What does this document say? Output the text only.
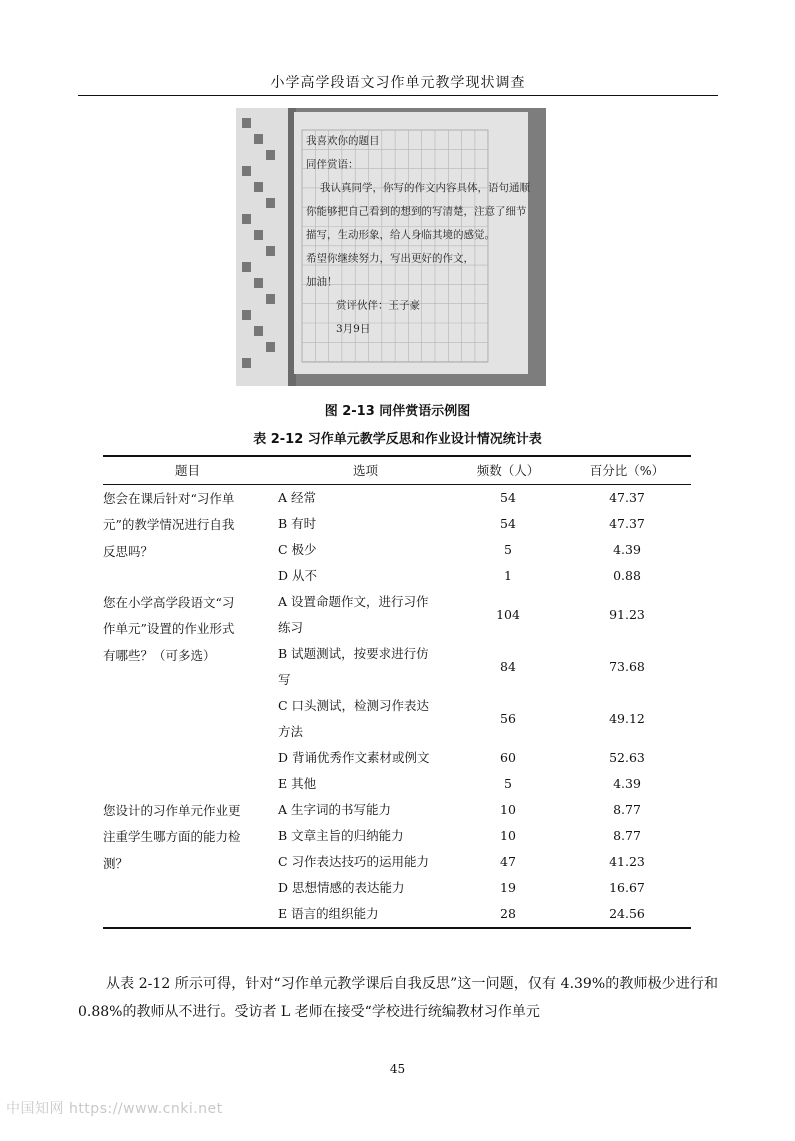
小学高学段语文习作单元教学现状调查
我喜欢你的题目
同伴赏语：
我认真同学，你写的作文内容具体，语句通顺
你能够把自己看到的想到的写清楚，注意了细节
描写，生动形象，给人身临其境的感觉。
希望你继续努力，写出更好的作文，
加油！
赏评伙伴：王子豪
3月9日
图 2-13 同伴赏语示例图
表 2-12 习作单元教学反思和作业设计情况统计表
题目	选项	频数（人）	百分比（%）

您会在课后针对“习作单
元”的教学情况进行自我
反思吗？	A 经常	54	47.37

	B 有时	54	47.37

	C 极少	5	4.39

	D 从不	1	0.88

您在小学高学段语文“习
作单元”设置的作业形式
有哪些？（可多选）	A 设置命题作文，进行习作
练习	104	91.23

	B 试题测试，按要求进行仿
写	84	73.68

	C 口头测试，检测习作表达
方法	56	49.12

	D 背诵优秀作文素材或例文	60	52.63

	E 其他	5	4.39

您设计的习作单元作业更
注重学生哪方面的能力检
测？	A 生字词的书写能力	10	8.77

	B 文章主旨的归纳能力	10	8.77

	C 习作表达技巧的运用能力	47	41.23

	D 思想情感的表达能力	19	16.67

	E 语言的组织能力	28	24.56

从表 2-12 所示可得，针对“习作单元教学课后自我反思”这一问题，仅有 4.39%的教师极少进行和 0.88%的教师从不进行。受访者 L 老师在接受“学校进行统编教材习作单元

45
中国知网 https://www.cnki.net
